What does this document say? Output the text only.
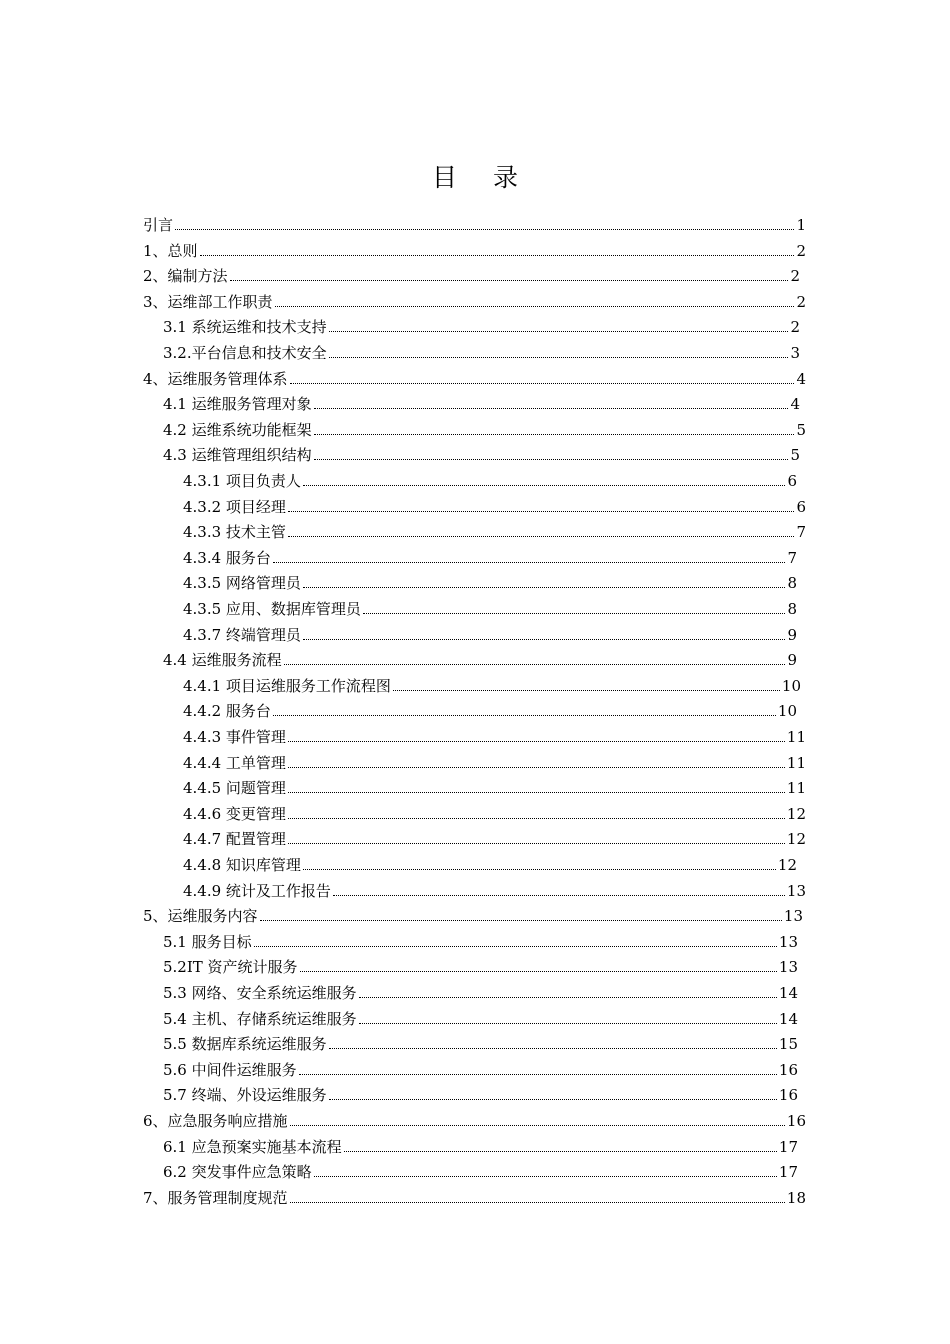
目 录
引言	1
1、总则	2
2、编制方法	2
3、运维部工作职责	2
3.1 系统运维和技术支持	2
3.2.平台信息和技术安全	3
4、运维服务管理体系	4
4.1 运维服务管理对象	4
4.2 运维系统功能框架	5
4.3 运维管理组织结构	5
4.3.1 项目负责人	6
4.3.2 项目经理	6
4.3.3 技术主管	7
4.3.4 服务台	7
4.3.5 网络管理员	8
4.3.5 应用、数据库管理员	8
4.3.7 终端管理员	9
4.4 运维服务流程	9
4.4.1 项目运维服务工作流程图	10
4.4.2 服务台	10
4.4.3 事件管理	11
4.4.4 工单管理	11
4.4.5 问题管理	11
4.4.6 变更管理	12
4.4.7 配置管理	12
4.4.8 知识库管理	12
4.4.9 统计及工作报告	13
5、运维服务内容	13
5.1 服务目标	13
5.2IT 资产统计服务	13
5.3 网络、安全系统运维服务	14
5.4 主机、存储系统运维服务	14
5.5 数据库系统运维服务	15
5.6 中间件运维服务	16
5.7 终端、外设运维服务	16
6、应急服务响应措施	16
6.1 应急预案实施基本流程	17
6.2 突发事件应急策略	17
7、服务管理制度规范	18
